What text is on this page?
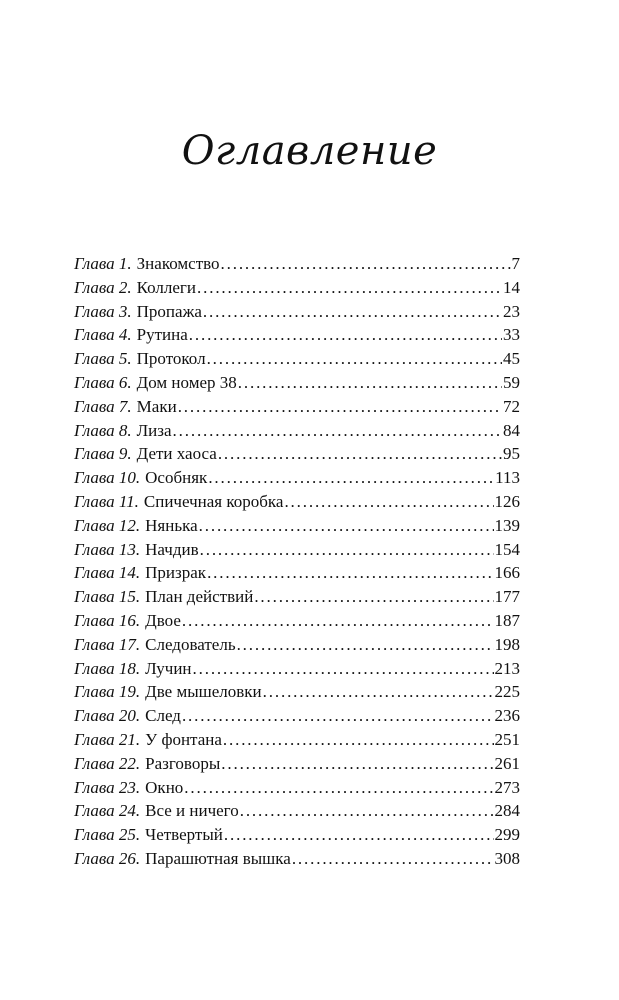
Оглавление
Глава 1. Знакомство . . .	7
Глава 2. Коллеги . . .	14
Глава 3. Пропажа . . .	23
Глава 4. Рутина . . .	33
Глава 5. Протокол . . .	45
Глава 6. Дом номер 38 . . .	59
Глава 7. Маки . . .	72
Глава 8. Лиза . . .	84
Глава 9. Дети хаоса . . .	95
Глава 10. Особняк . . .	113
Глава 11. Спичечная коробка . . .	126
Глава 12. Нянька . . .	139
Глава 13. Начдив . . .	154
Глава 14. Призрак . . .	166
Глава 15. План действий . . .	177
Глава 16. Двое . . .	187
Глава 17. Следователь . . .	198
Глава 18. Лучин . . .	213
Глава 19. Две мышеловки . . .	225
Глава 20. След . . .	236
Глава 21. У фонтана . . .	251
Глава 22. Разговоры . . .	261
Глава 23. Окно . . .	273
Глава 24. Все и ничего . . .	284
Глава 25. Четвертый . . .	299
Глава 26. Парашютная вышка . . .	308
